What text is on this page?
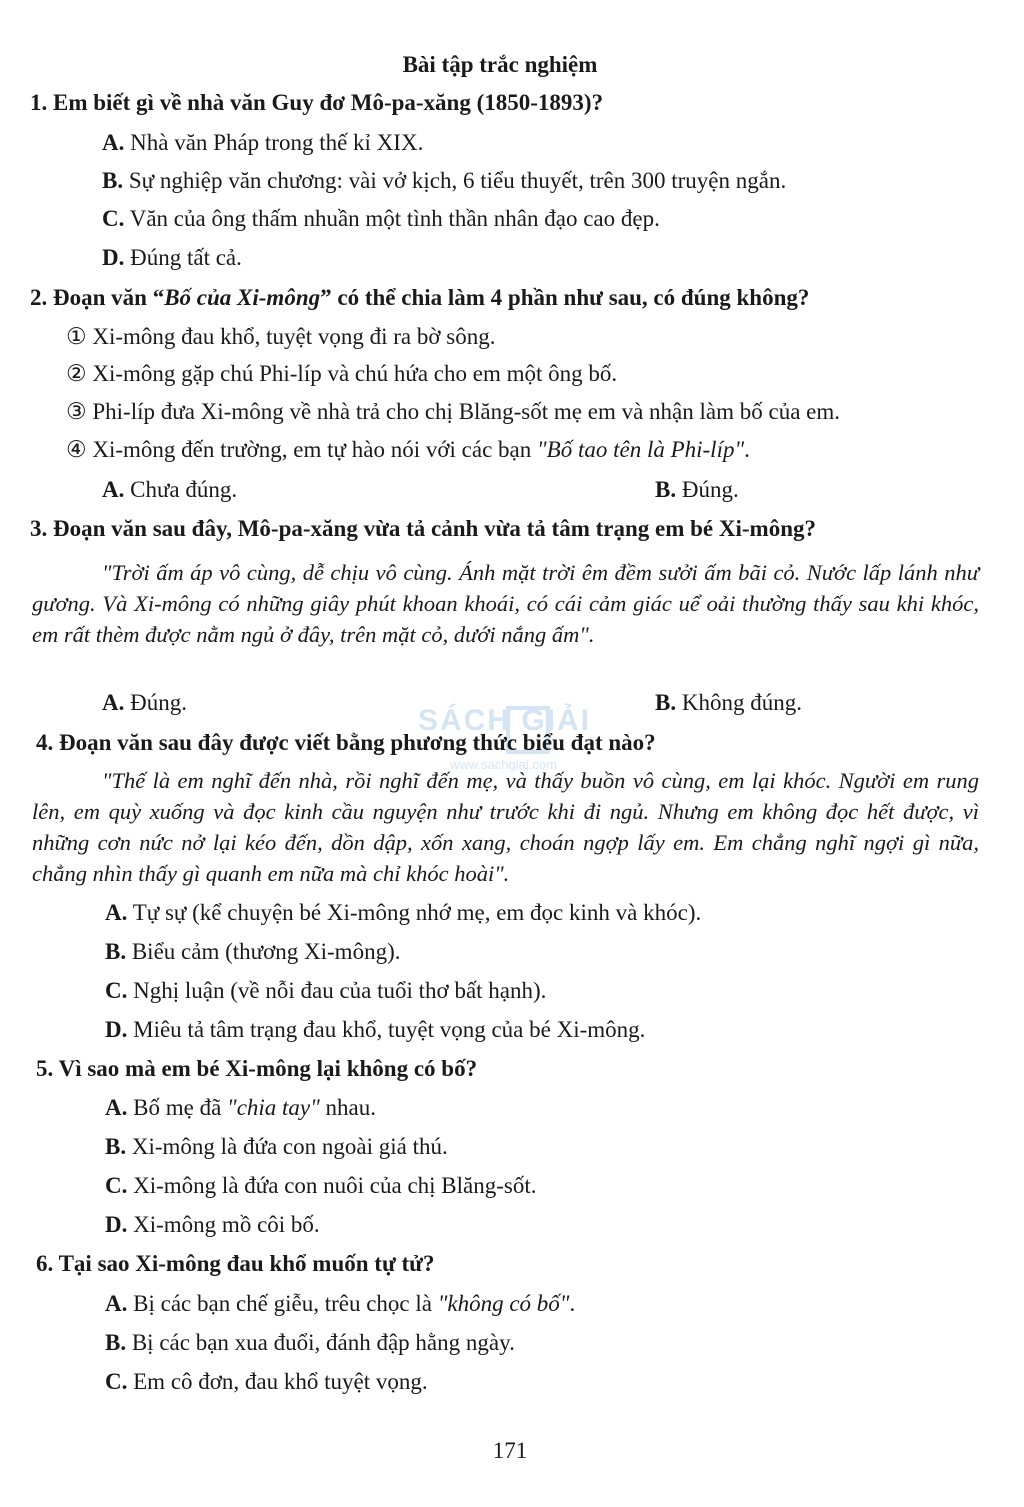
Bài tập trắc nghiệm
1. Em biết gì về nhà văn Guy đơ Mô-pa-xăng (1850-1893)?
A. Nhà văn Pháp trong thế kỉ XIX.
B. Sự nghiệp văn chương: vài vở kịch, 6 tiểu thuyết, trên 300 truyện ngắn.
C. Văn của ông thấm nhuần một tình thần nhân đạo cao đẹp.
D. Đúng tất cả.
2. Đoạn văn “Bố của Xi-mông” có thể chia làm 4 phần như sau, có đúng không?
① Xi-mông đau khổ, tuyệt vọng đi ra bờ sông.
② Xi-mông gặp chú Phi-líp và chú hứa cho em một ông bố.
③ Phi-líp đưa Xi-mông về nhà trả cho chị Blăng-sốt mẹ em và nhận làm bố của em.
④ Xi-mông đến trường, em tự hào nói với các bạn "Bố tao tên là Phi-líp".
A. Chưa đúng.	B. Đúng.
3. Đoạn văn sau đây, Mô-pa-xăng vừa tả cảnh vừa tả tâm trạng em bé Xi-mông?
"Trời ấm áp vô cùng, dễ chịu vô cùng. Ánh mặt trời êm đềm sưởi ấm bãi cỏ. Nước lấp lánh như gương. Và Xi-mông có những giây phút khoan khoái, có cái cảm giác uể oải thường thấy sau khi khóc, em rất thèm được nằm ngủ ở đây, trên mặt cỏ, dưới nắng ấm".
A. Đúng.	B. Không đúng.
SÁCH GIẢI
www.sachgiai.com
4. Đoạn văn sau đây được viết bằng phương thức biểu đạt nào?
"Thế là em nghĩ đến nhà, rồi nghĩ đến mẹ, và thấy buồn vô cùng, em lại khóc. Người em rung lên, em quỳ xuống và đọc kinh cầu nguyện như trước khi đi ngủ. Nhưng em không đọc hết được, vì những cơn nức nở lại kéo đến, dồn dập, xốn xang, choán ngợp lấy em. Em chẳng nghĩ ngợi gì nữa, chẳng nhìn thấy gì quanh em nữa mà chỉ khóc hoài".
A. Tự sự (kể chuyện bé Xi-mông nhớ mẹ, em đọc kinh và khóc).
B. Biểu cảm (thương Xi-mông).
C. Nghị luận (về nỗi đau của tuổi thơ bất hạnh).
D. Miêu tả tâm trạng đau khổ, tuyệt vọng của bé Xi-mông.
5. Vì sao mà em bé Xi-mông lại không có bố?
A. Bố mẹ đã "chia tay" nhau.
B. Xi-mông là đứa con ngoài giá thú.
C. Xi-mông là đứa con nuôi của chị Blăng-sốt.
D. Xi-mông mồ côi bố.
6. Tại sao Xi-mông đau khổ muốn tự tử?
A. Bị các bạn chế giễu, trêu chọc là "không có bố".
B. Bị các bạn xua đuổi, đánh đập hằng ngày.
C. Em cô đơn, đau khổ tuyệt vọng.
171
